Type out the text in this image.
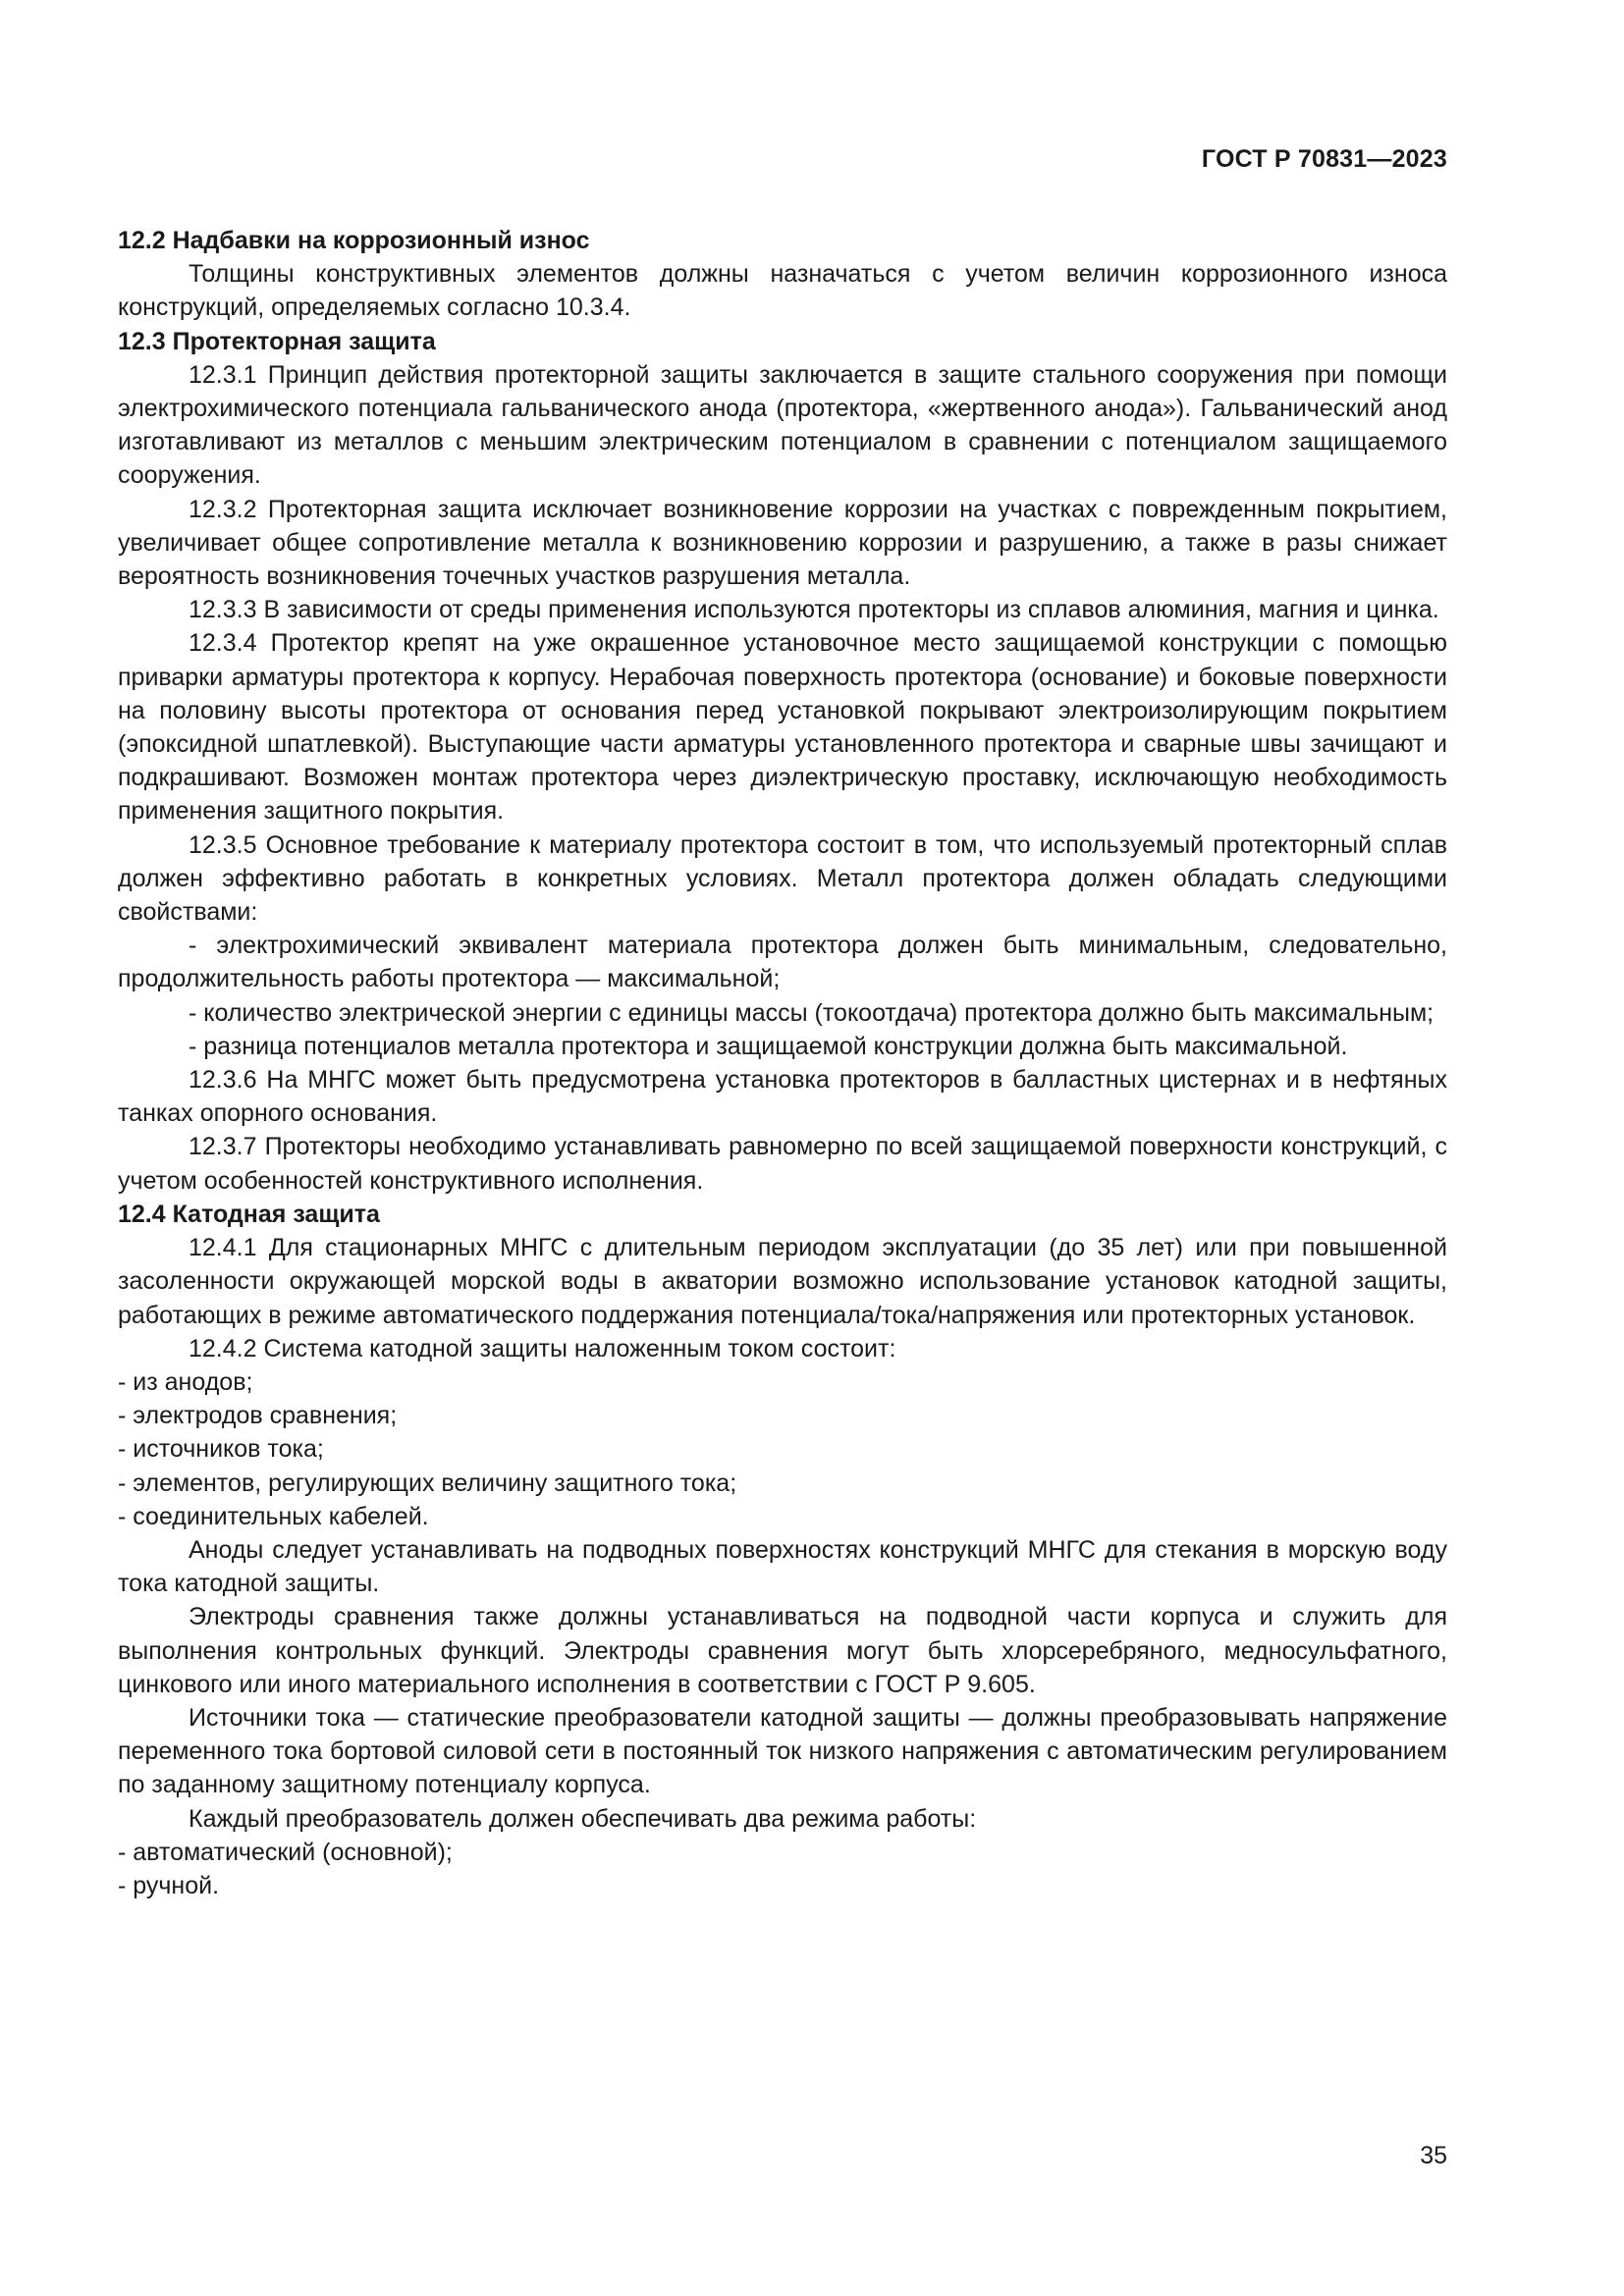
ГОСТ Р 70831—2023

12.2 Надбавки на коррозионный износ

Толщины конструктивных элементов должны назначаться с учетом величин коррозионного износа конструкций, определяемых согласно 10.3.4.

12.3 Протекторная защита

12.3.1 Принцип действия протекторной защиты заключается в защите стального сооружения при помощи электрохимического потенциала гальванического анода (протектора, «жертвенного анода»). Гальванический анод изготавливают из металлов с меньшим электрическим потенциалом в сравнении с потенциалом защищаемого сооружения.

12.3.2 Протекторная защита исключает возникновение коррозии на участках с поврежденным покрытием, увеличивает общее сопротивление металла к возникновению коррозии и разрушению, а также в разы снижает вероятность возникновения точечных участков разрушения металла.

12.3.3 В зависимости от среды применения используются протекторы из сплавов алюминия, магния и цинка.

12.3.4 Протектор крепят на уже окрашенное установочное место защищаемой конструкции с помощью приварки арматуры протектора к корпусу. Нерабочая поверхность протектора (основание) и боковые поверхности на половину высоты протектора от основания перед установкой покрывают электроизолирующим покрытием (эпоксидной шпатлевкой). Выступающие части арматуры установленного протектора и сварные швы зачищают и подкрашивают. Возможен монтаж протектора через диэлектрическую проставку, исключающую необходимость применения защитного покрытия.

12.3.5 Основное требование к материалу протектора состоит в том, что используемый протекторный сплав должен эффективно работать в конкретных условиях. Металл протектора должен обладать следующими свойствами:

- электрохимический эквивалент материала протектора должен быть минимальным, следовательно, продолжительность работы протектора — максимальной;

- количество электрической энергии с единицы массы (токоотдача) протектора должно быть максимальным;

- разница потенциалов металла протектора и защищаемой конструкции должна быть максимальной.

12.3.6 На МНГС может быть предусмотрена установка протекторов в балластных цистернах и в нефтяных танках опорного основания.

12.3.7 Протекторы необходимо устанавливать равномерно по всей защищаемой поверхности конструкций, с учетом особенностей конструктивного исполнения.

12.4 Катодная защита

12.4.1 Для стационарных МНГС с длительным периодом эксплуатации (до 35 лет) или при повышенной засоленности окружающей морской воды в акватории возможно использование установок катодной защиты, работающих в режиме автоматического поддержания потенциала/тока/напряжения или протекторных установок.

12.4.2 Система катодной защиты наложенным током состоит:

- из анодов;

- электродов сравнения;

- источников тока;

- элементов, регулирующих величину защитного тока;

- соединительных кабелей.

Аноды следует устанавливать на подводных поверхностях конструкций МНГС для стекания в морскую воду тока катодной защиты.

Электроды сравнения также должны устанавливаться на подводной части корпуса и служить для выполнения контрольных функций. Электроды сравнения могут быть хлорсеребряного, медносульфатного, цинкового или иного материального исполнения в соответствии с ГОСТ Р 9.605.

Источники тока — статические преобразователи катодной защиты — должны преобразовывать напряжение переменного тока бортовой силовой сети в постоянный ток низкого напряжения с автоматическим регулированием по заданному защитному потенциалу корпуса.

Каждый преобразователь должен обеспечивать два режима работы:

- автоматический (основной);

- ручной.

35
